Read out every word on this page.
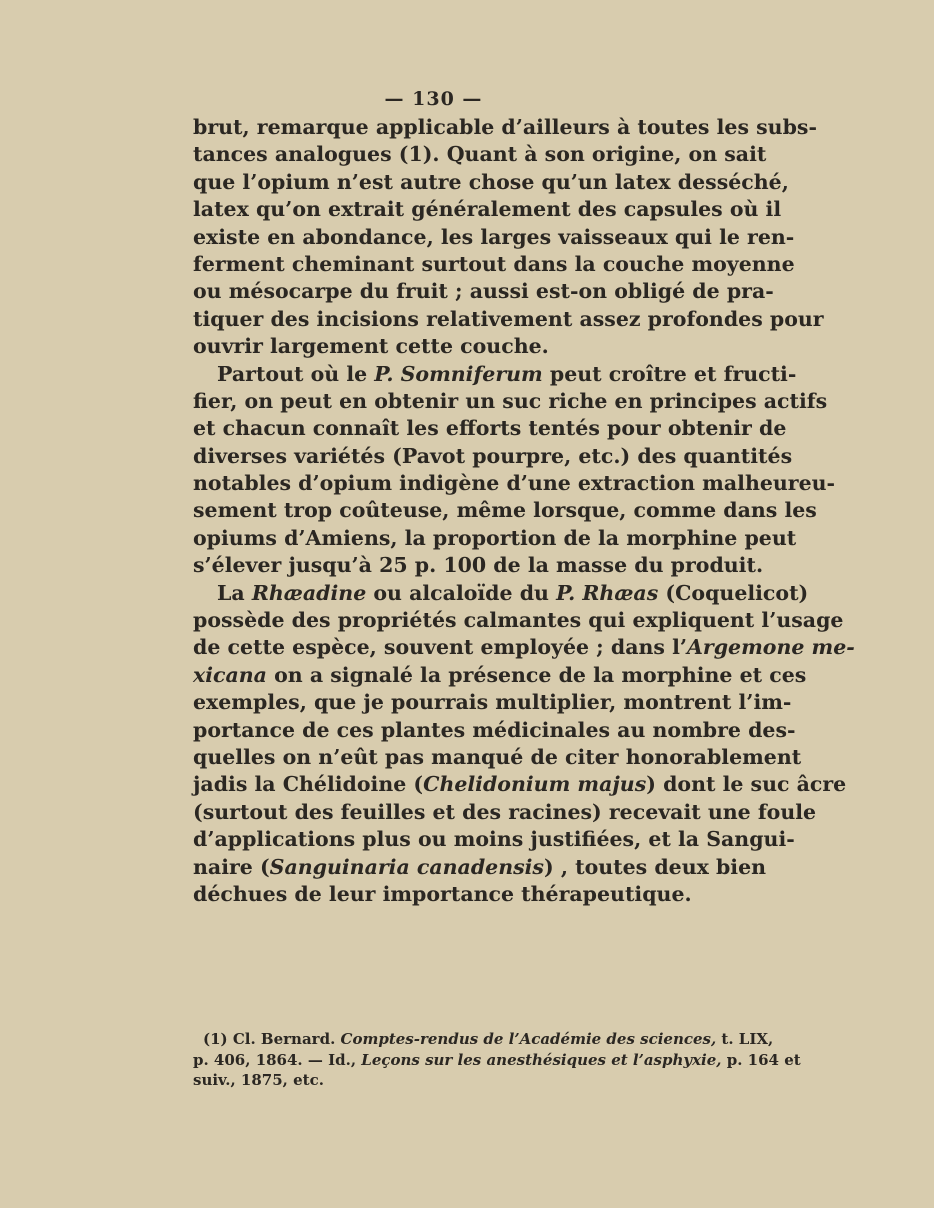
— 130 —
brut, remarque applicable d’ailleurs à toutes les subs-
tances analogues (1). Quant à son origine, on sait
que l’opium n’est autre chose qu’un latex desséché,
latex qu’on extrait généralement des capsules où il
existe en abondance, les larges vaisseaux qui le ren-
ferment cheminant surtout dans la couche moyenne
ou mésocarpe du fruit ; aussi est-on obligé de pra-
tiquer des incisions relativement assez profondes pour
ouvrir largement cette couche.
Partout où le P. Somniferum peut croître et fructi-
fier, on peut en obtenir un suc riche en principes actifs
et chacun connaît les efforts tentés pour obtenir de
diverses variétés (Pavot pourpre, etc.) des quantités
notables d’opium indigène d’une extraction malheureu-
sement trop coûteuse, même lorsque, comme dans les
opiums d’Amiens, la proportion de la morphine peut
s’élever jusqu’à 25 p. 100 de la masse du produit.
La Rhæadine ou alcaloïde du P. Rhæas (Coquelicot)
possède des propriétés calmantes qui expliquent l’usage
de cette espèce, souvent employée ; dans l’Argemone me-
xicana on a signalé la présence de la morphine et ces
exemples, que je pourrais multiplier, montrent l’im-
portance de ces plantes médicinales au nombre des-
quelles on n’eût pas manqué de citer honorablement
jadis la Chélidoine (Chelidonium majus) dont le suc âcre
(surtout des feuilles et des racines) recevait une foule
d’applications plus ou moins justifiées, et la Sangui-
naire (Sanguinaria canadensis) , toutes deux bien
déchues de leur importance thérapeutique.
(1) Cl. Bernard. Comptes-rendus de l’Académie des sciences, t. LIX,
p. 406, 1864. — Id., Leçons sur les anesthésiques et l’asphyxie, p. 164 et
suiv., 1875, etc.
